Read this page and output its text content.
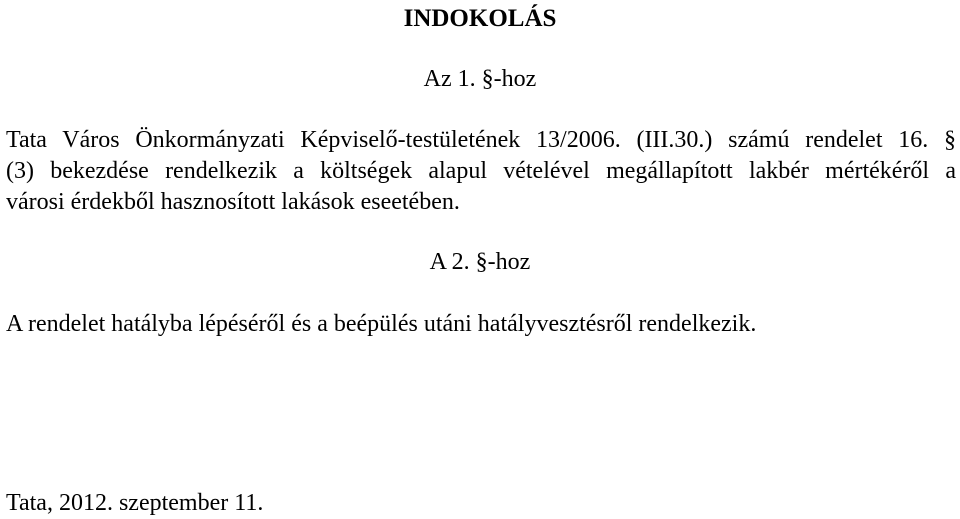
INDOKOLÁS
Az 1. §-hoz
Tata Város Önkormányzati Képviselő-testületének 13/2006. (III.30.) számú rendelet 16. §
(3) bekezdése rendelkezik a költségek alapul vételével megállapított lakbér mértékéről a
városi érdekből hasznosított lakások eseetében.
A 2. §-hoz
A rendelet hatályba lépéséről és a beépülés utáni hatályvesztésről rendelkezik.
Tata, 2012. szeptember 11.
